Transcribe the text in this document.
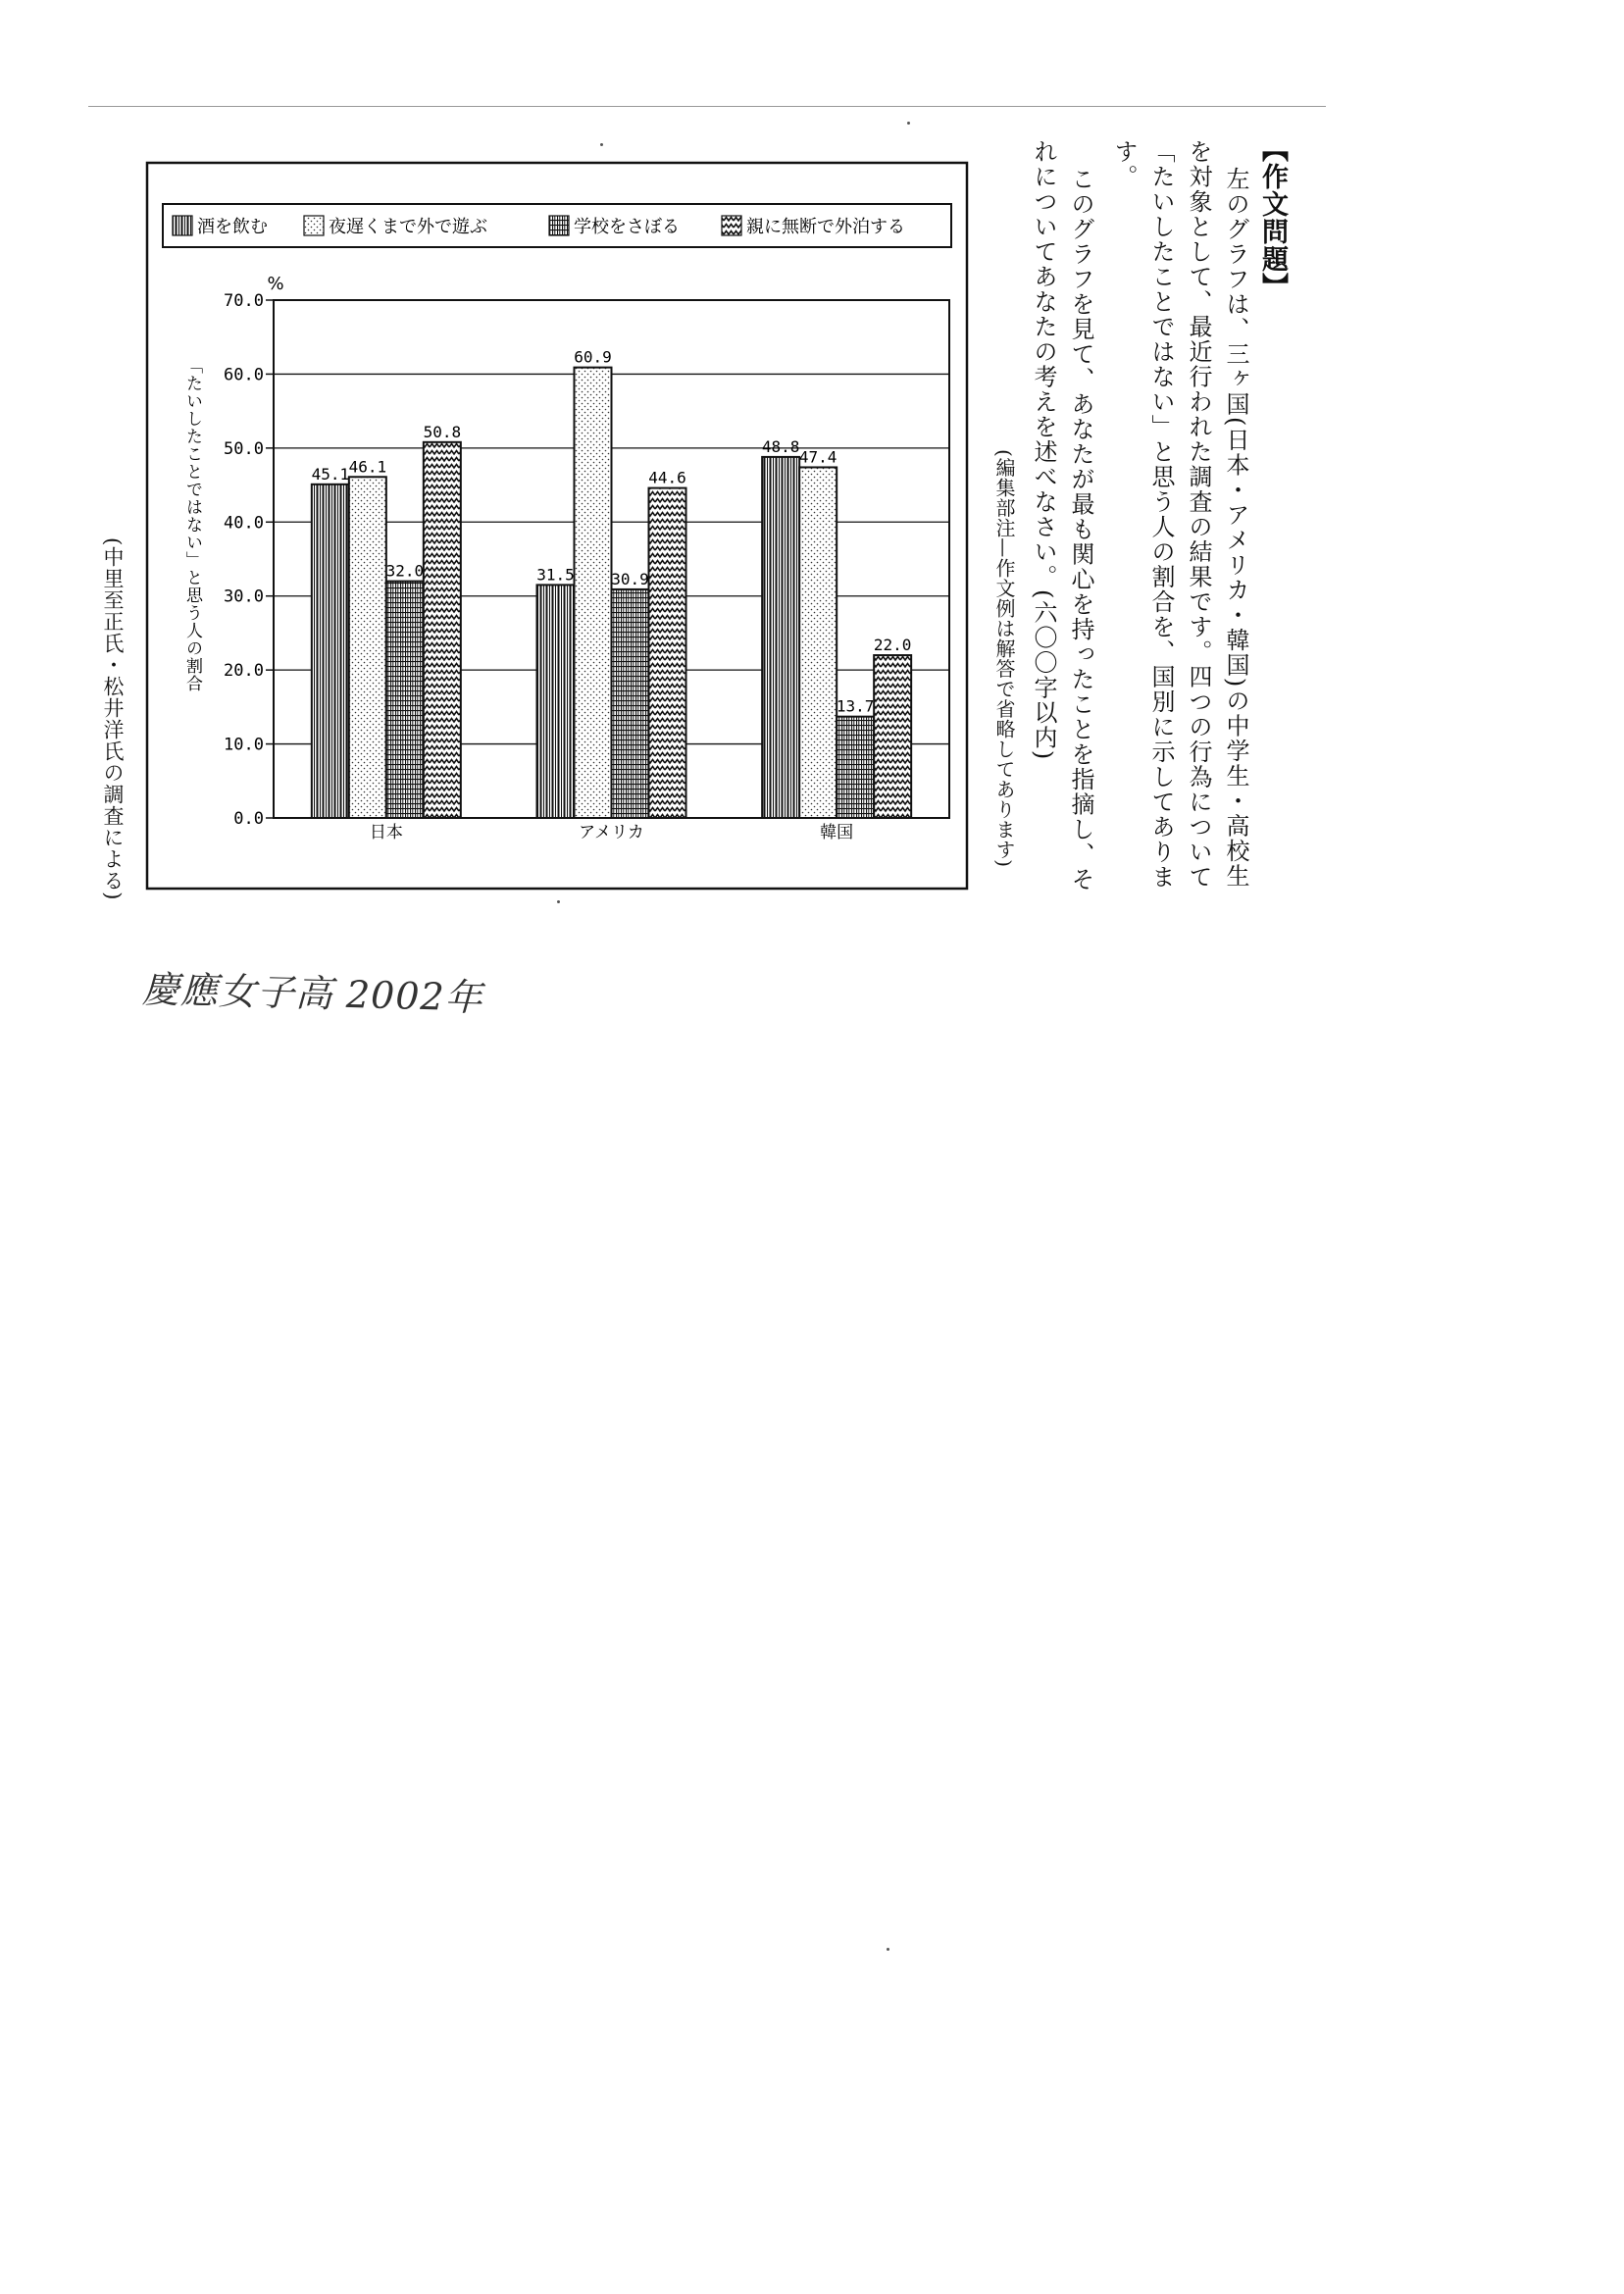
【作文問題】
左のグラフは、三ヶ国(日本・アメリカ・韓国)の中学生・高校生
を対象として、最近行われた調査の結果です。四つの行為について
「たいしたことではない」と思う人の割合を、国別に示してありま
す。
このグラフを見て、あなたが最も関心を持ったことを指摘し、そ
れについてあなたの考えを述べなさい。(六〇〇字以内)
(編集部注—作文例は解答で省略してあります)
(中里至正氏・松井洋氏の調査による)
酒を飲む	夜遅くまで外で遊ぶ	学校をさぼる	親に無断で外泊する
%
「たいしたことではない」と思う人の割合
0.0
10.0
20.0
30.0
40.0
50.0
60.0
70.0
45.1 46.1
32.0
50.8
日本
31.5
60.9
30.9
44.6
アメリカ
48.8
47.4
13.7
22.0
韓国
慶應女子高 2002年
